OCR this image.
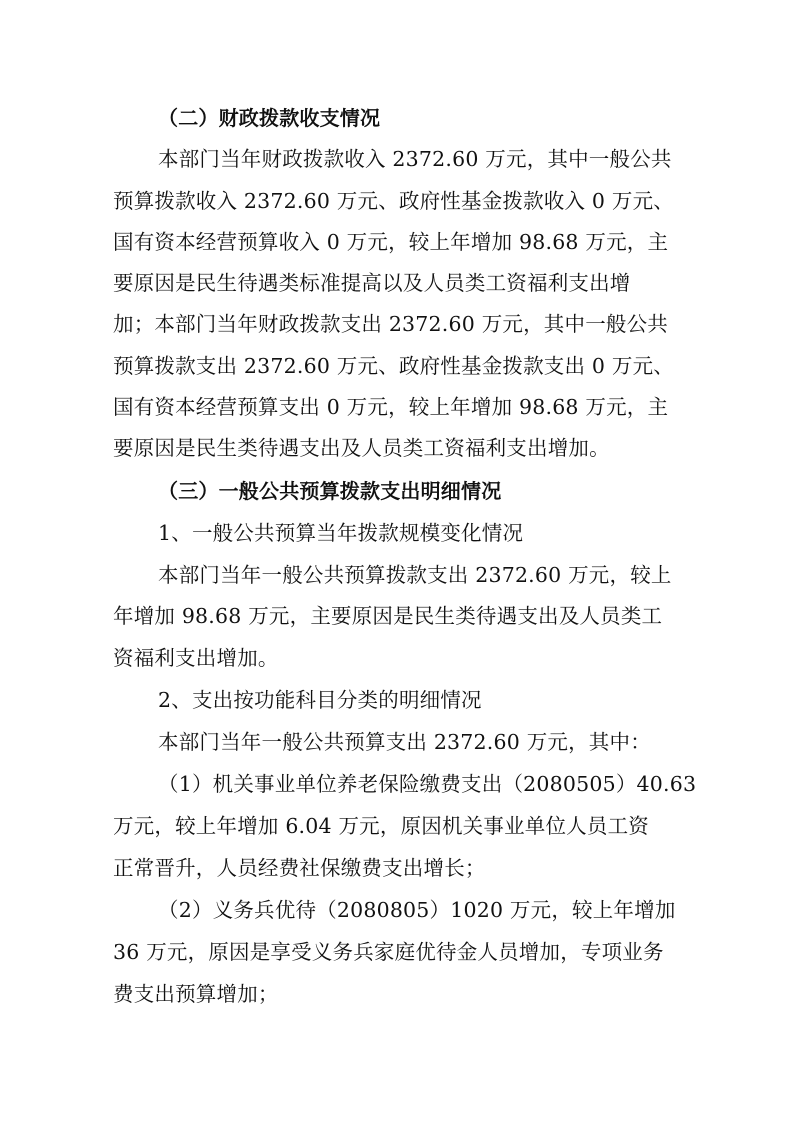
（二）财政拨款收支情况
本部门当年财政拨款收入 2372.60 万元，其中一般公共
预算拨款收入 2372.60 万元、政府性基金拨款收入 0 万元、
国有资本经营预算收入 0 万元，较上年增加 98.68 万元，主
要原因是民生待遇类标准提高以及人员类工资福利支出增
加；本部门当年财政拨款支出 2372.60 万元，其中一般公共
预算拨款支出 2372.60 万元、政府性基金拨款支出 0 万元、
国有资本经营预算支出 0 万元，较上年增加 98.68 万元，主
要原因是民生类待遇支出及人员类工资福利支出增加。
（三）一般公共预算拨款支出明细情况
1、一般公共预算当年拨款规模变化情况
本部门当年一般公共预算拨款支出 2372.60 万元，较上
年增加 98.68 万元，主要原因是民生类待遇支出及人员类工
资福利支出增加。
2、支出按功能科目分类的明细情况
本部门当年一般公共预算支出 2372.60 万元，其中：
（1）机关事业单位养老保险缴费支出（2080505）40.63
万元，较上年增加 6.04 万元，原因机关事业单位人员工资
正常晋升，人员经费社保缴费支出增长；
（2）义务兵优待（2080805）1020 万元，较上年增加
36 万元，原因是享受义务兵家庭优待金人员增加，专项业务
费支出预算增加；
